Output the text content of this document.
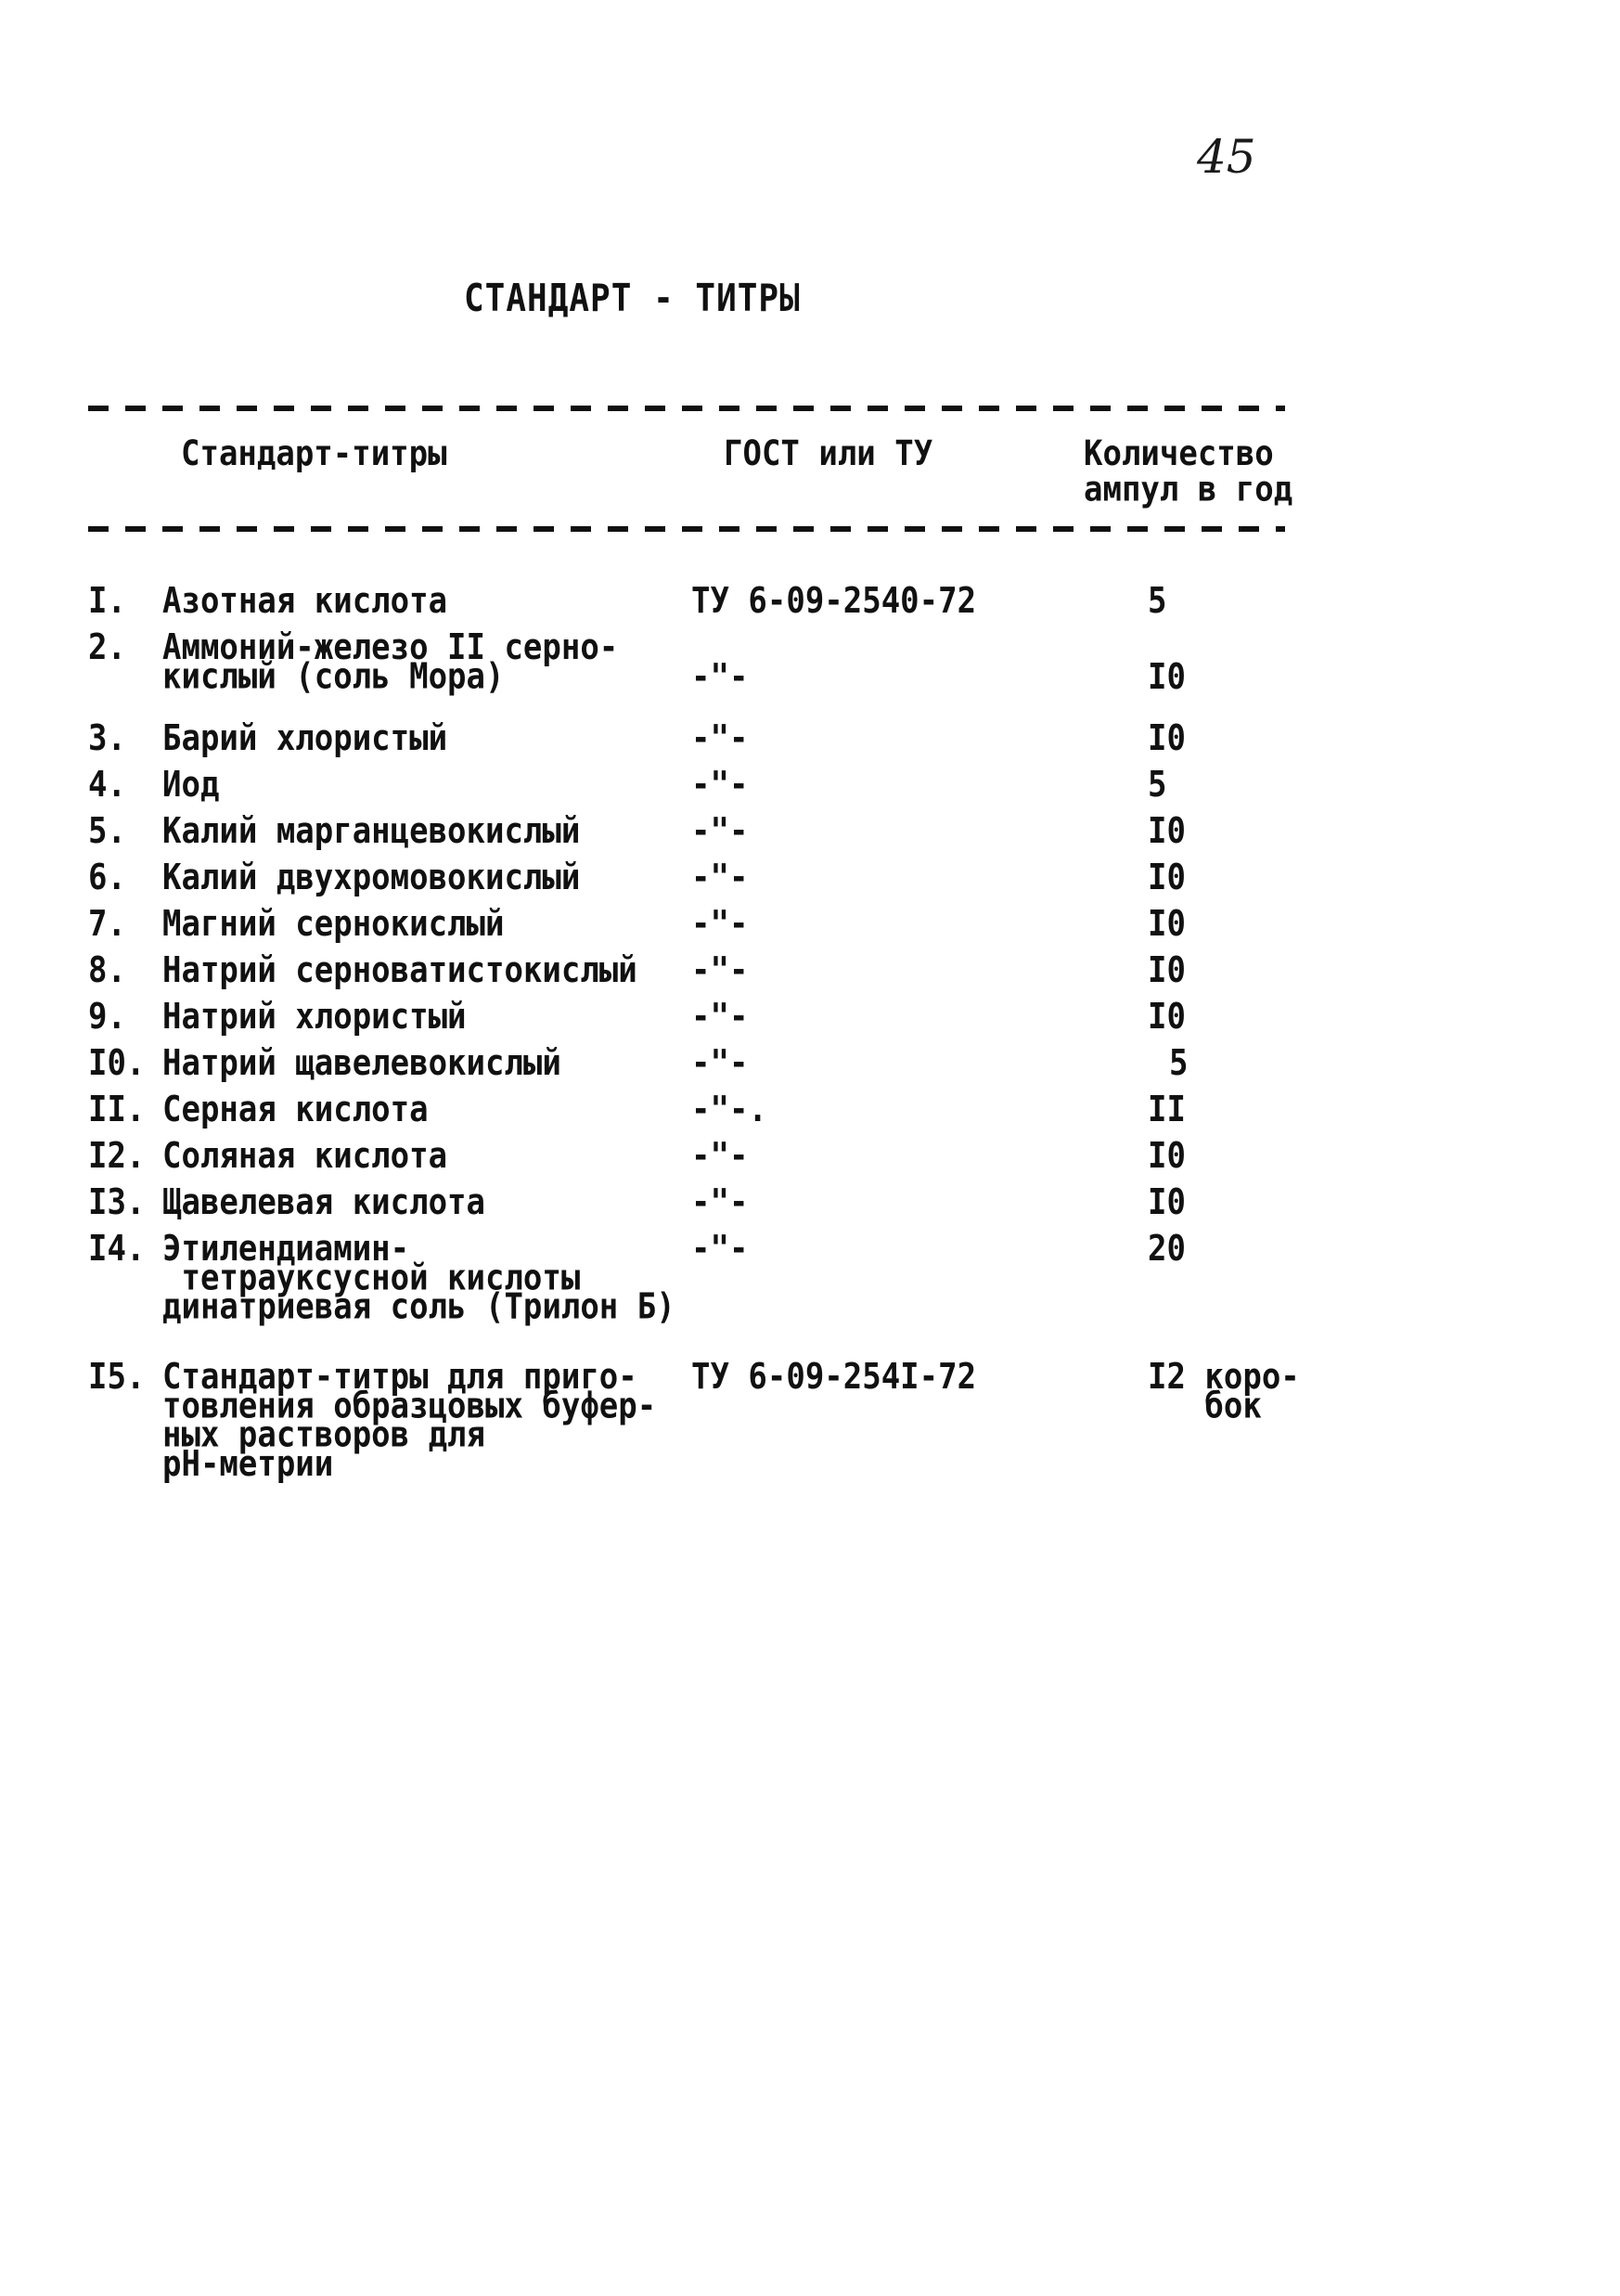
45
СТАНДАРТ - ТИТРЫ
Стандарт-титры	ГОСТ или ТУ	Количество
ампул в год
I. Азотная кислота	ТУ 6-09-2540-72	5
2. Аммоний-железо II серно-
кислый (соль Мора)	-"-	I0
3. Барий хлористый	-"-	I0
4. Иод	-"-	5
5. Калий марганцевокислый	-"-	I0
6. Калий двухромовокислый	-"-	I0
7. Магний сернокислый	-"-	I0
8. Натрий серноватистокислый -"-	I0
9. Натрий хлористый	-"-	I0
I0. Натрий щавелевокислый	-"-	5
II. Серная кислота	-"-.	II
I2. Соляная кислота	-"-	I0
I3. Щавелевая кислота	-"-	I0
I4. Этилендиамин-
тетрауксусной кислоты
динатриевая соль (Трилон Б)
-"-	20
I5. Стандарт-титры для приго-
товления образцовых буфер-
ных растворов для
pH-метрии
ТУ 6-09-254I-72	I2 коро-
бок
